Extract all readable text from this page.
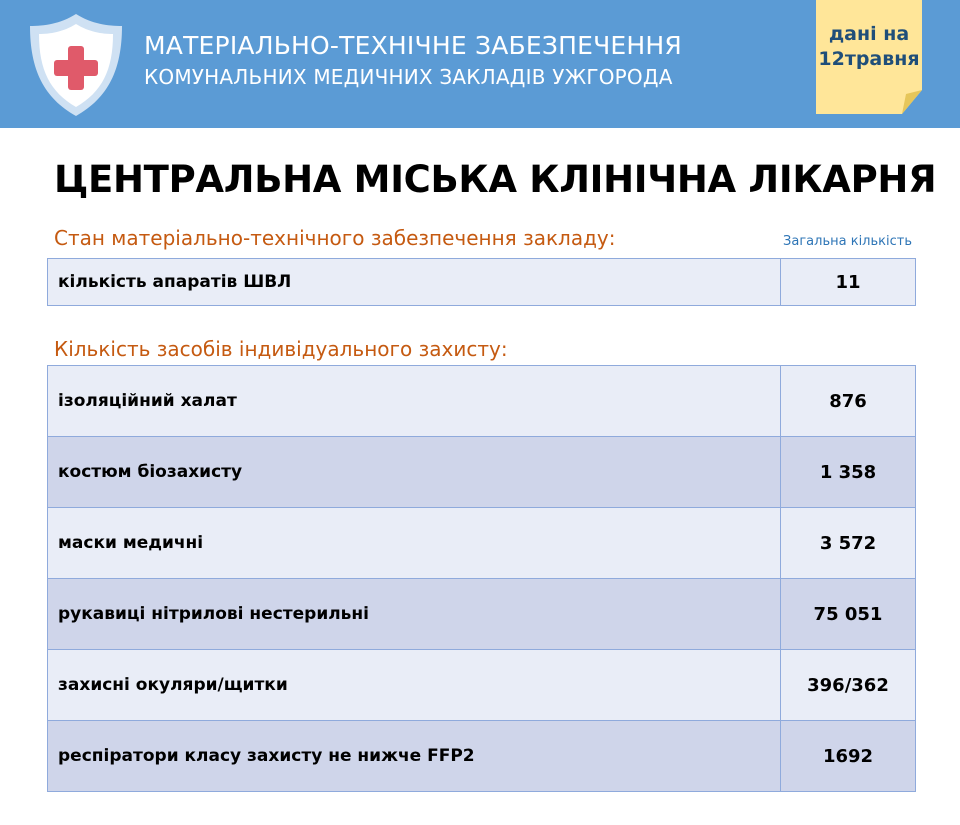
МАТЕРІАЛЬНО-ТЕХНІЧНЕ ЗАБЕЗПЕЧЕННЯ
КОМУНАЛЬНИХ МЕДИЧНИХ ЗАКЛАДІВ УЖГОРОДА
дані на
12травня
ЦЕНТРАЛЬНА МІСЬКА КЛІНІЧНА ЛІКАРНЯ
Стан матеріально-технічного забезпечення закладу:	Загальна кількість
кількість апаратів ШВЛ	11
Кількість засобів індивідуального захисту:
ізоляційний халат	876
костюм біозахисту	1 358
маски медичні	3 572
рукавиці нітрилові нестерильні	75 051
захисні окуляри/щитки	396/362
респіратори класу захисту не нижче FFP2	1692
